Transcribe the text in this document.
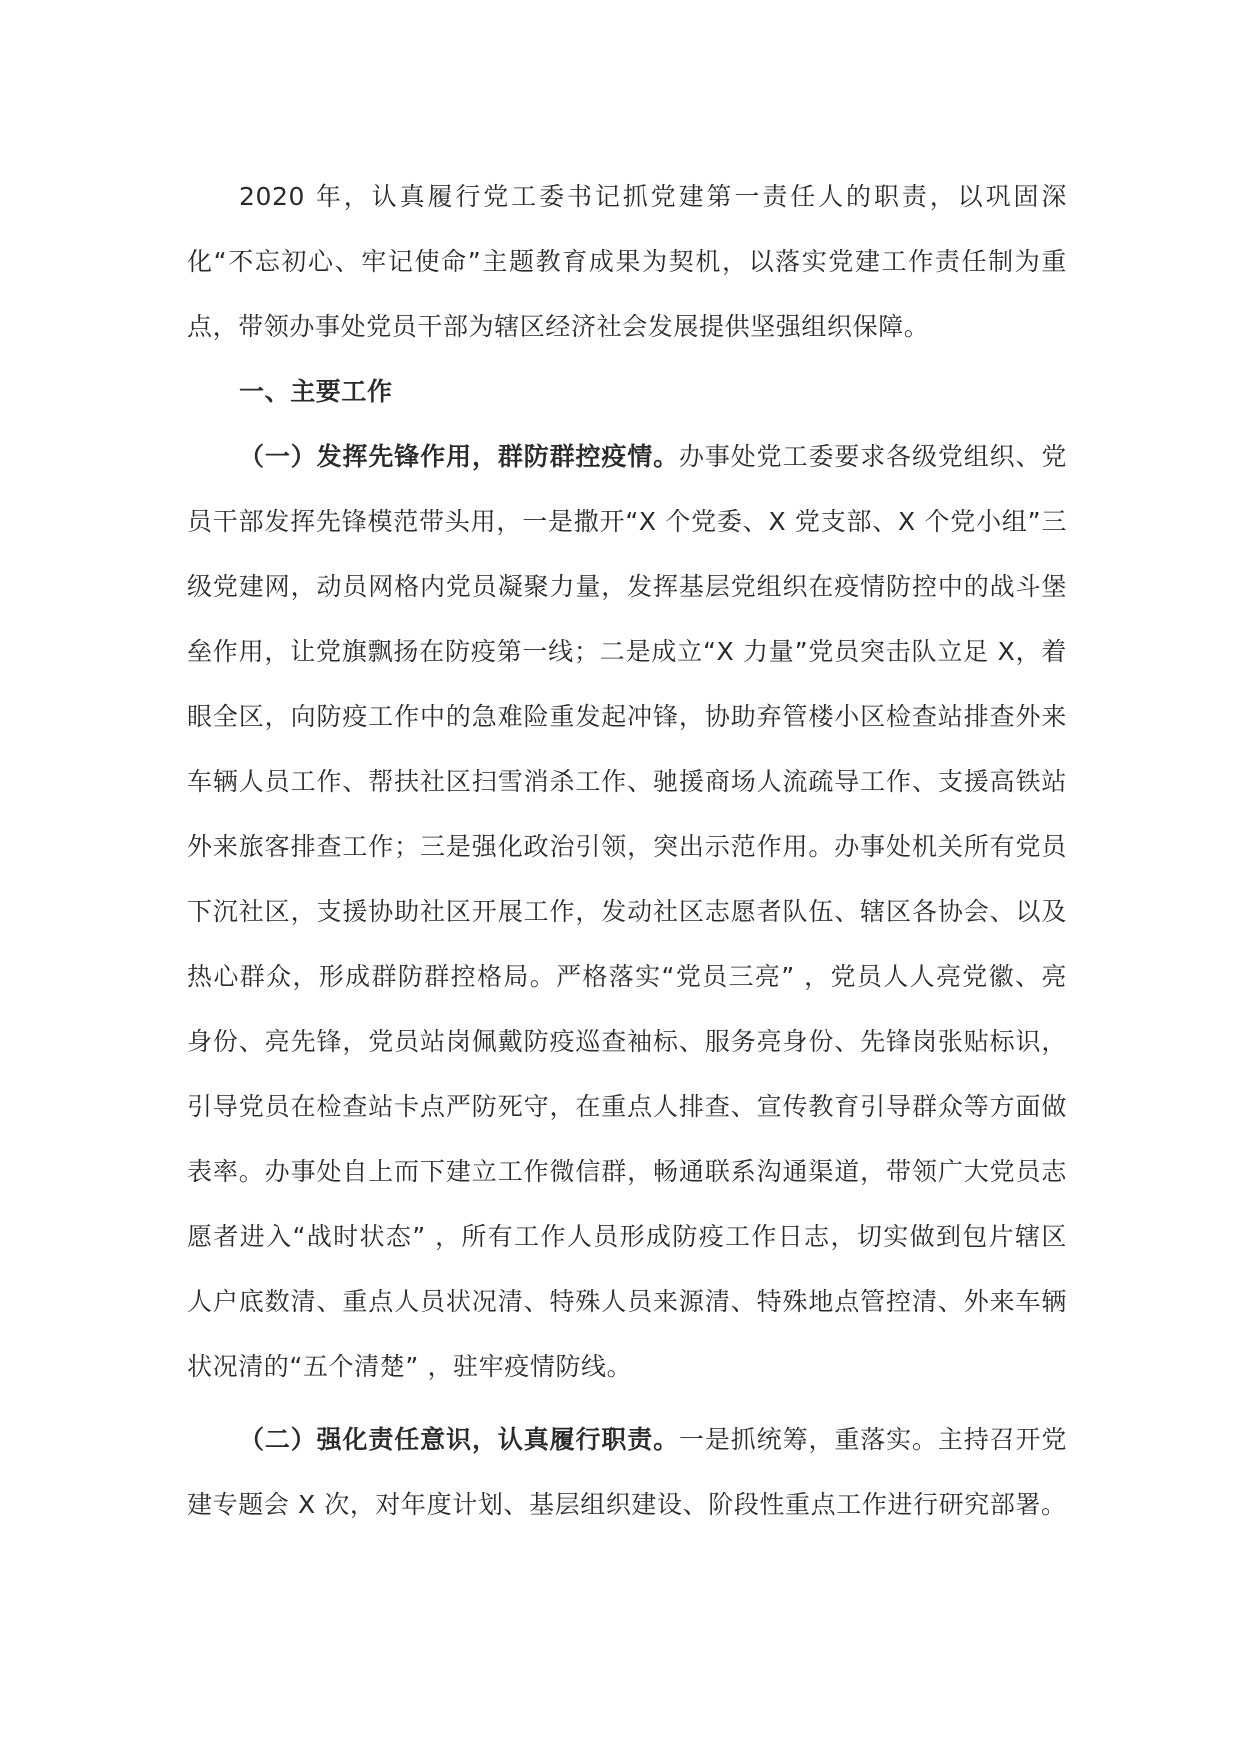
2020 年，认真履行党工委书记抓党建第一责任人的职责，以巩固深化“不忘初心、牢记使命”主题教育成果为契机，以落实党建工作责任制为重点，带领办事处党员干部为辖区经济社会发展提供坚强组织保障。

一、主要工作

（一）发挥先锋作用，群防群控疫情。办事处党工委要求各级党组织、党员干部发挥先锋模范带头用，一是撒开“X 个党委、X 党支部、X 个党小组”三级党建网，动员网格内党员凝聚力量，发挥基层党组织在疫情防控中的战斗堡垒作用，让党旗飘扬在防疫第一线；二是成立“X 力量”党员突击队立足 X，着眼全区，向防疫工作中的急难险重发起冲锋，协助弃管楼小区检查站排查外来车辆人员工作、帮扶社区扫雪消杀工作、驰援商场人流疏导工作、支援高铁站外来旅客排查工作；三是强化政治引领，突出示范作用。办事处机关所有党员下沉社区，支援协助社区开展工作，发动社区志愿者队伍、辖区各协会、以及热心群众，形成群防群控格局。严格落实“党员三亮” ，党员人人亮党徽、亮身份、亮先锋，党员站岗佩戴防疫巡查袖标、服务亮身份、先锋岗张贴标识，引导党员在检查站卡点严防死守，在重点人排查、宣传教育引导群众等方面做表率。办事处自上而下建立工作微信群，畅通联系沟通渠道，带领广大党员志愿者进入“战时状态” ，所有工作人员形成防疫工作日志，切实做到包片辖区人户底数清、重点人员状况清、特殊人员来源清、特殊地点管控清、外来车辆状况清的“五个清楚” ，驻牢疫情防线。

（二）强化责任意识，认真履行职责。一是抓统筹，重落实。主持召开党建专题会 X 次，对年度计划、基层组织建设、阶段性重点工作进行研究部署。
